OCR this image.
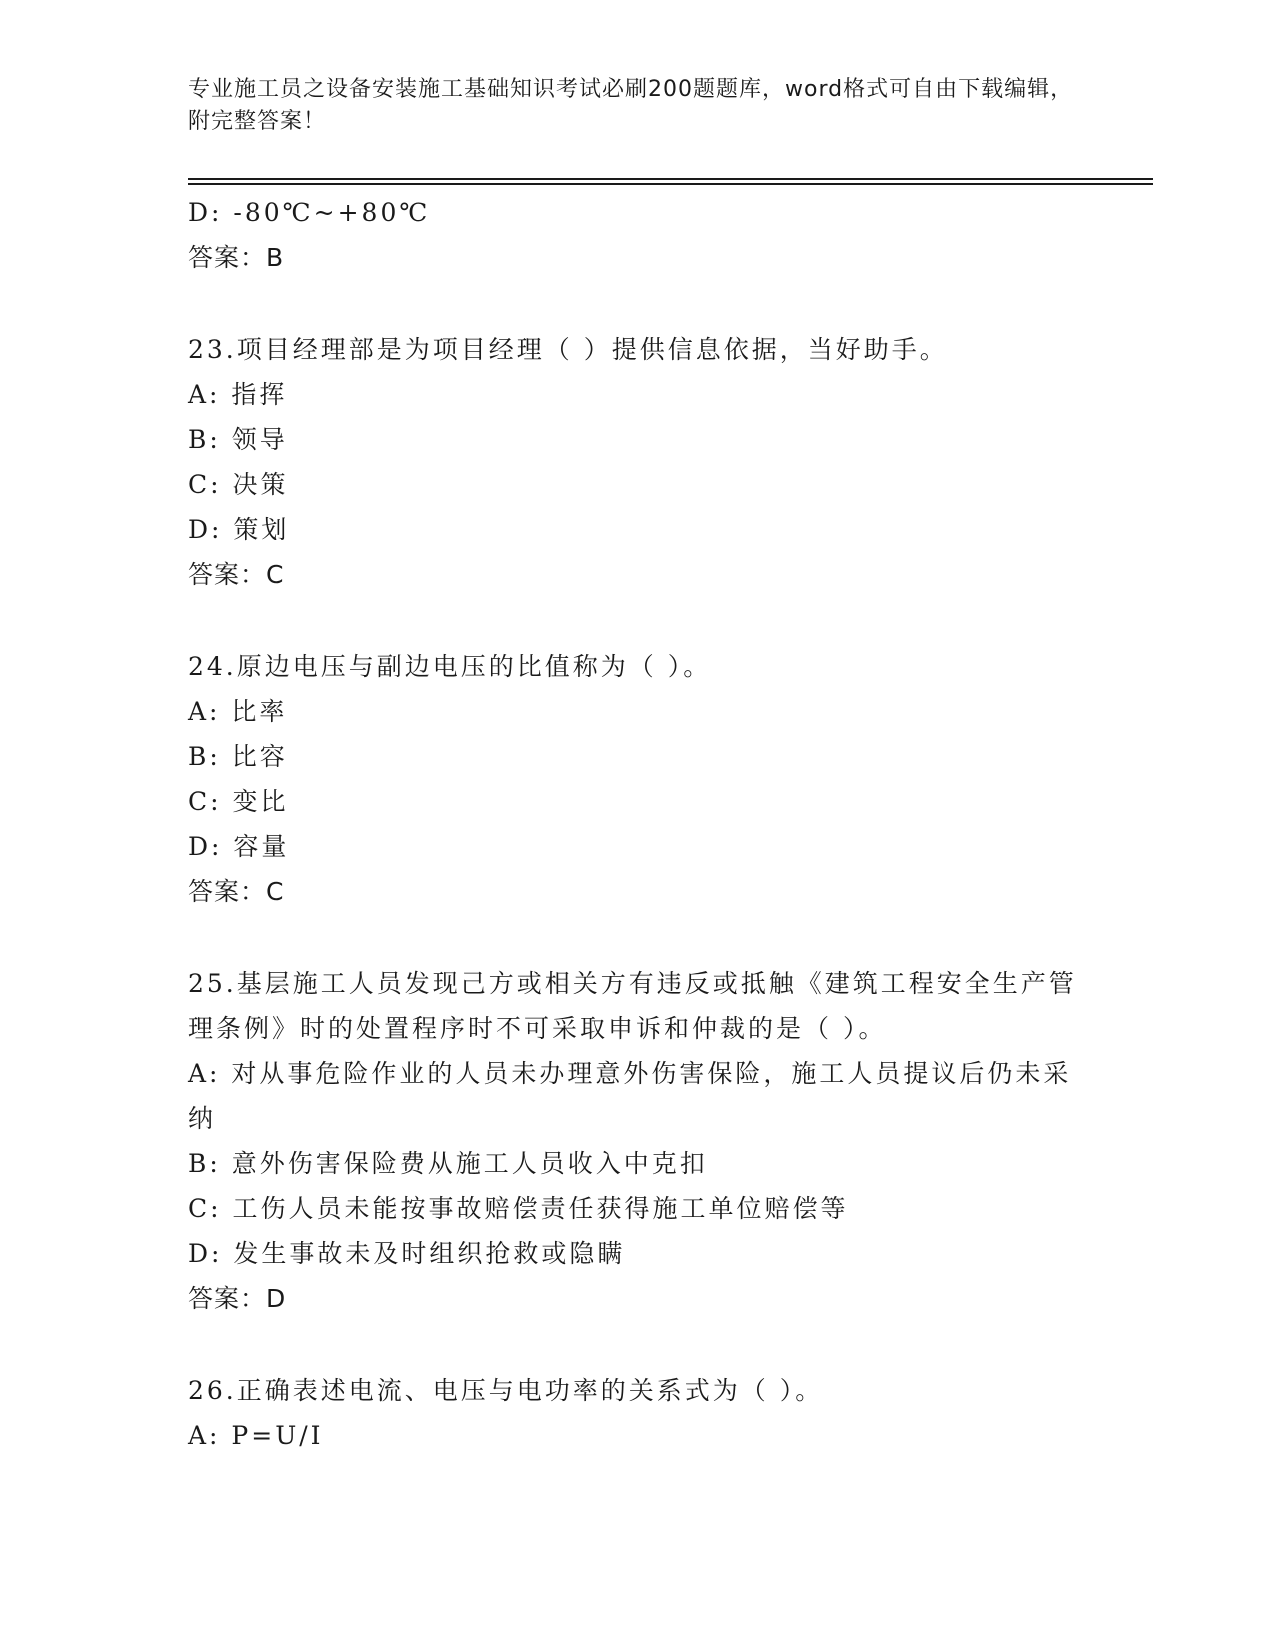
专业施工员之设备安装施工基础知识考试必刷200题题库，word格式可自由下载编辑，附完整答案！
D: -80℃~+80℃
答案：B
23.项目经理部是为项目经理（ ）提供信息依据，当好助手。
A: 指挥
B: 领导
C: 决策
D: 策划
答案：C
24.原边电压与副边电压的比值称为（ ）。
A: 比率
B: 比容
C: 变比
D: 容量
答案：C
25.基层施工人员发现己方或相关方有违反或抵触《建筑工程安全生产管理条例》时的处置程序时不可采取申诉和仲裁的是（ ）。
A: 对从事危险作业的人员未办理意外伤害保险，施工人员提议后仍未采纳
B: 意外伤害保险费从施工人员收入中克扣
C: 工伤人员未能按事故赔偿责任获得施工单位赔偿等
D: 发生事故未及时组织抢救或隐瞒
答案：D
26.正确表述电流、电压与电功率的关系式为（ ）。
A: P=U/I
